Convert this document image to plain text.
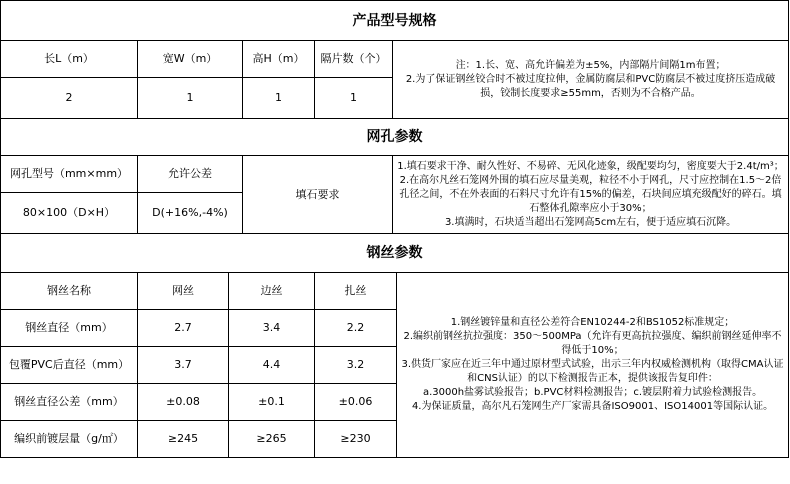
产品型号规格						
长L（m）	宽W（m）		高H（m）	隔片数（个）	注：1.长、宽、高允许偏差为±5%，内部隔片间隔1m布置；
2.为了保证钢丝铰合时不被过度拉伸，金属防腐层和PVC防腐层不被过度挤压造成破损，铰制长度要求≥55mm，否则为不合格产品。	

2	1		1	1		
网孔参数						
网孔型号（mm×mm）	允许公差		填石要求		1.填石要求干净、耐久性好、不易碎、无风化迹象，级配要均匀，密度要大于2.4t/m³；
2.在高尔凡丝石笼网外围的填石应尽量美观，粒径不小于网孔，尺寸应控制在1.5～2倍孔径之间，不在外表面的石料尺寸允许有15%的偏差，石块间应填充级配好的碎石。填石整体孔隙率应小于30%；
3.填满时，石块适当超出石笼网高5cm左右，便于适应填石沉降。	

80×100（D×H）	D(+16%,-4%)					
钢丝参数						
钢丝名称	网丝	边丝		扎丝		1.钢丝镀锌量和直径公差符合EN10244-2和BS1052标准规定；
2.编织前钢丝抗拉强度：350～500MPa（允许有更高抗拉强度、编织前钢丝延伸率不得低于10%；
3.供货厂家应在近三年中通过原材型式试验，出示三年内权威检测机构（取得CMA认证和CNS认证）的以下检测报告正本，提供该报告复印件：
a.3000h盐雾试验报告；b.PVC材料检测报告；c.镀层附着力试验检测报告。
4.为保证质量，高尔凡石笼网生产厂家需具备ISO9001、ISO14001等国际认证。

钢丝直径（mm）	2.7	3.4		2.2		
包覆PVC后直径（mm）	3.7	4.4		3.2		
钢丝直径公差（mm）	±0.08	±0.1		±0.06		
编织前镀层量（g/㎡）	≥245	≥265		≥230		
